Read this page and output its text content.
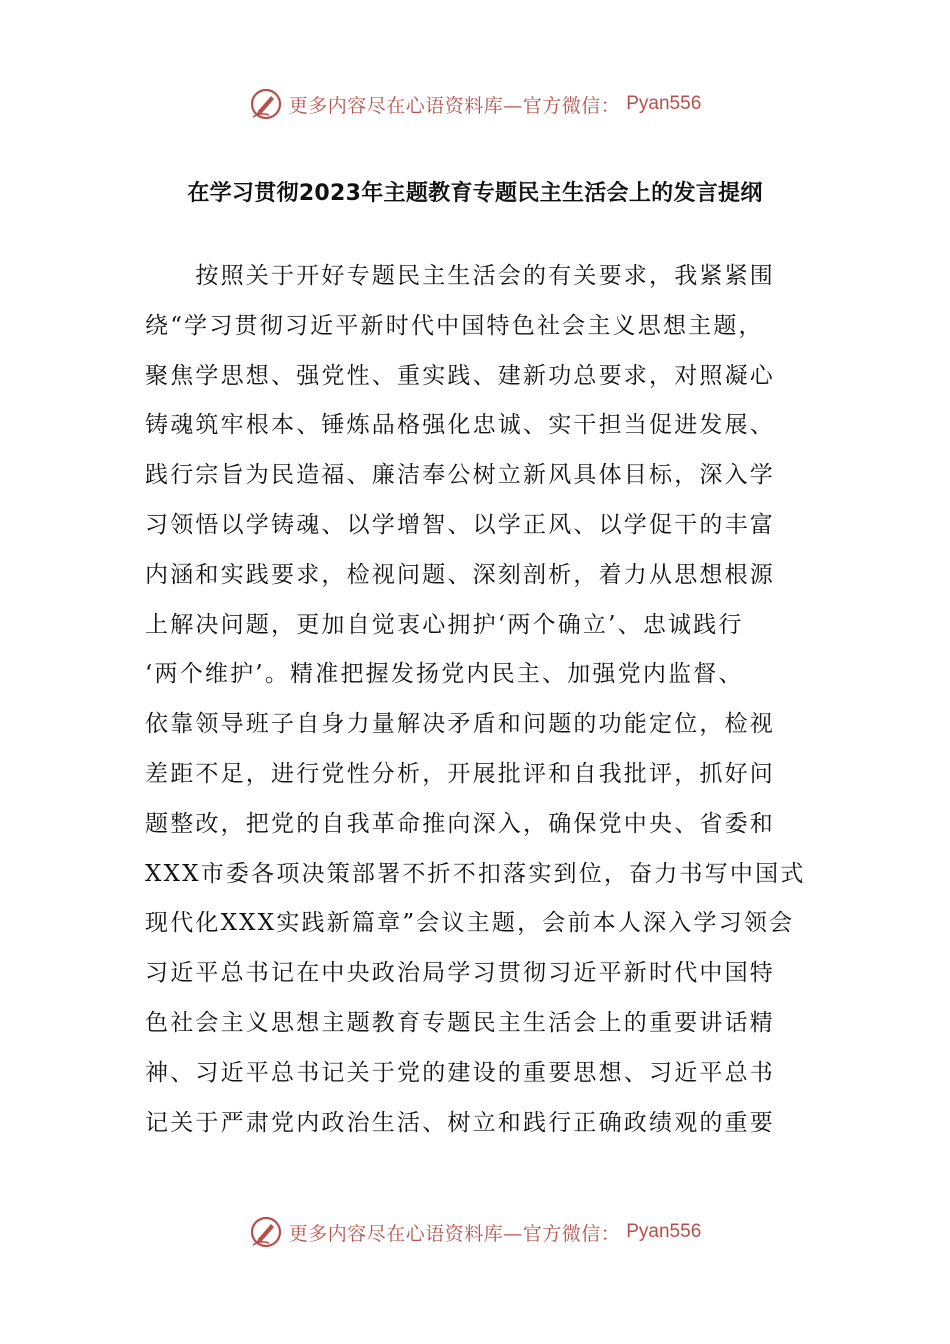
更多内容尽在心语资料库—官方微信： Pyan556
在学习贯彻2023年主题教育专题民主生活会上的发言提纲
　　按照关于开好专题民主生活会的有关要求，我紧紧围
绕“学习贯彻习近平新时代中国特色社会主义思想主题，
聚焦学思想、强党性、重实践、建新功总要求，对照凝心
铸魂筑牢根本、锤炼品格强化忠诚、实干担当促进发展、
践行宗旨为民造福、廉洁奉公树立新风具体目标，深入学
习领悟以学铸魂、以学增智、以学正风、以学促干的丰富
内涵和实践要求，检视问题、深刻剖析，着力从思想根源
上解决问题，更加自觉衷心拥护‘两个确立’、忠诚践行
‘两个维护’。精准把握发扬党内民主、加强党内监督、
依靠领导班子自身力量解决矛盾和问题的功能定位，检视
差距不足，进行党性分析，开展批评和自我批评，抓好问
题整改，把党的自我革命推向深入，确保党中央、省委和
XXX市委各项决策部署不折不扣落实到位，奋力书写中国式
现代化XXX实践新篇章”会议主题，会前本人深入学习领会
习近平总书记在中央政治局学习贯彻习近平新时代中国特
色社会主义思想主题教育专题民主生活会上的重要讲话精
神、习近平总书记关于党的建设的重要思想、习近平总书
记关于严肃党内政治生活、树立和践行正确政绩观的重要
更多内容尽在心语资料库—官方微信： Pyan556
